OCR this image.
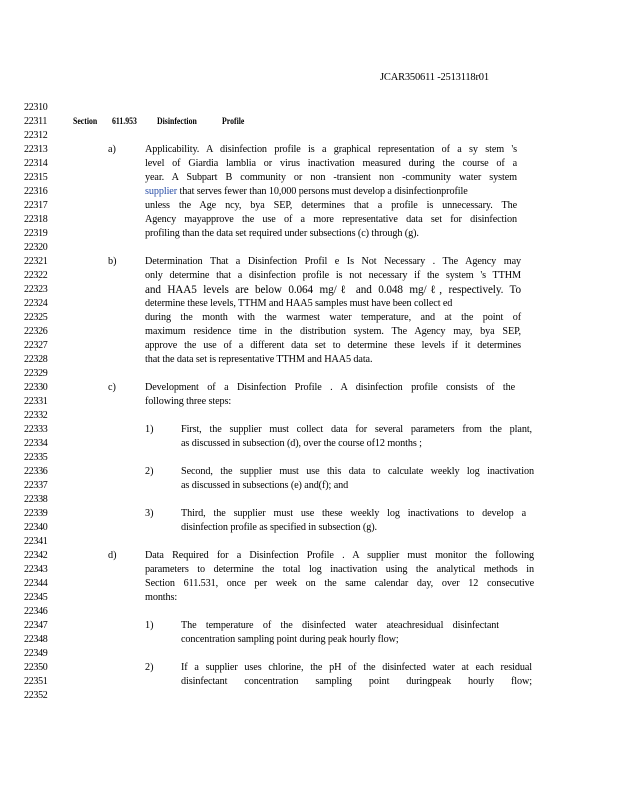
JCAR350611 -2513118r01
22310
22311
22312
22313
22314
22315
22316
22317
22318
22319
22320
22321
22322
22323
22324
22325
22326
22327
22328
22329
22330
22331
22332
22333
22334
22335
22336
22337
22338
22339
22340
22341
22342
22343
22344
22345
22346
22347
22348
22349
22350
22351
22352
Section 611.953 Disinfection	Profile
a)	Applicability. A disinfection profile is a graphical representation of a sy stem 's
level of Giardia lamblia or virus inactivation measured during the course of a
year. A Subpart B community or non -transient non -community water system
supplier that serves fewer than 10,000 persons must develop a disinfectionprofile
unless the Age ncy, bya SEP, determines that a profile is unnecessary. The
Agency mayapprove the use of a more representative data set for disinfection
profiling than the data set required under subsections (c) through (g).
b)	Determination That a Disinfection Profil e Is Not Necessary . The Agency may
only determine that a disinfection profile is not necessary if the system 's TTHM
and HAA5 levels are below 0.064 mg/ℓ and 0.048 mg/ℓ, respectively. To
determine these levels, TTHM and HAA5 samples must have been collect ed
during the month with the warmest water temperature, and at the point of
maximum residence time in the distribution system. The Agency may, bya SEP,
approve the use of a different data set to determine these levels if it determines
that the data set is representative TTHM and HAA5 data.
c)	Development of a Disinfection Profile . A disinfection profile consists of the
following three steps:
1)	First, the supplier must collect data for several parameters from the plant,
as discussed in subsection (d), over the course of12 months ;
2)	Second, the supplier must use this data to calculate weekly log inactivation
as discussed in subsections (e) and(f); and
3)	Third, the supplier must use these weekly log inactivations to develop a
disinfection profile as specified in subsection (g).
d)	Data Required for a Disinfection Profile . A supplier must monitor the following
parameters to determine the total log inactivation using the analytical methods in
Section 611.531, once per week on the same calendar day, over 12 consecutive
months:
1)	The temperature of the disinfected water ateachresidual disinfectant
concentration sampling point during peak hourly flow;
2)	If a supplier uses chlorine, the pH of the disinfected water at each residual
disinfectant concentration sampling point duringpeak hourly flow;
